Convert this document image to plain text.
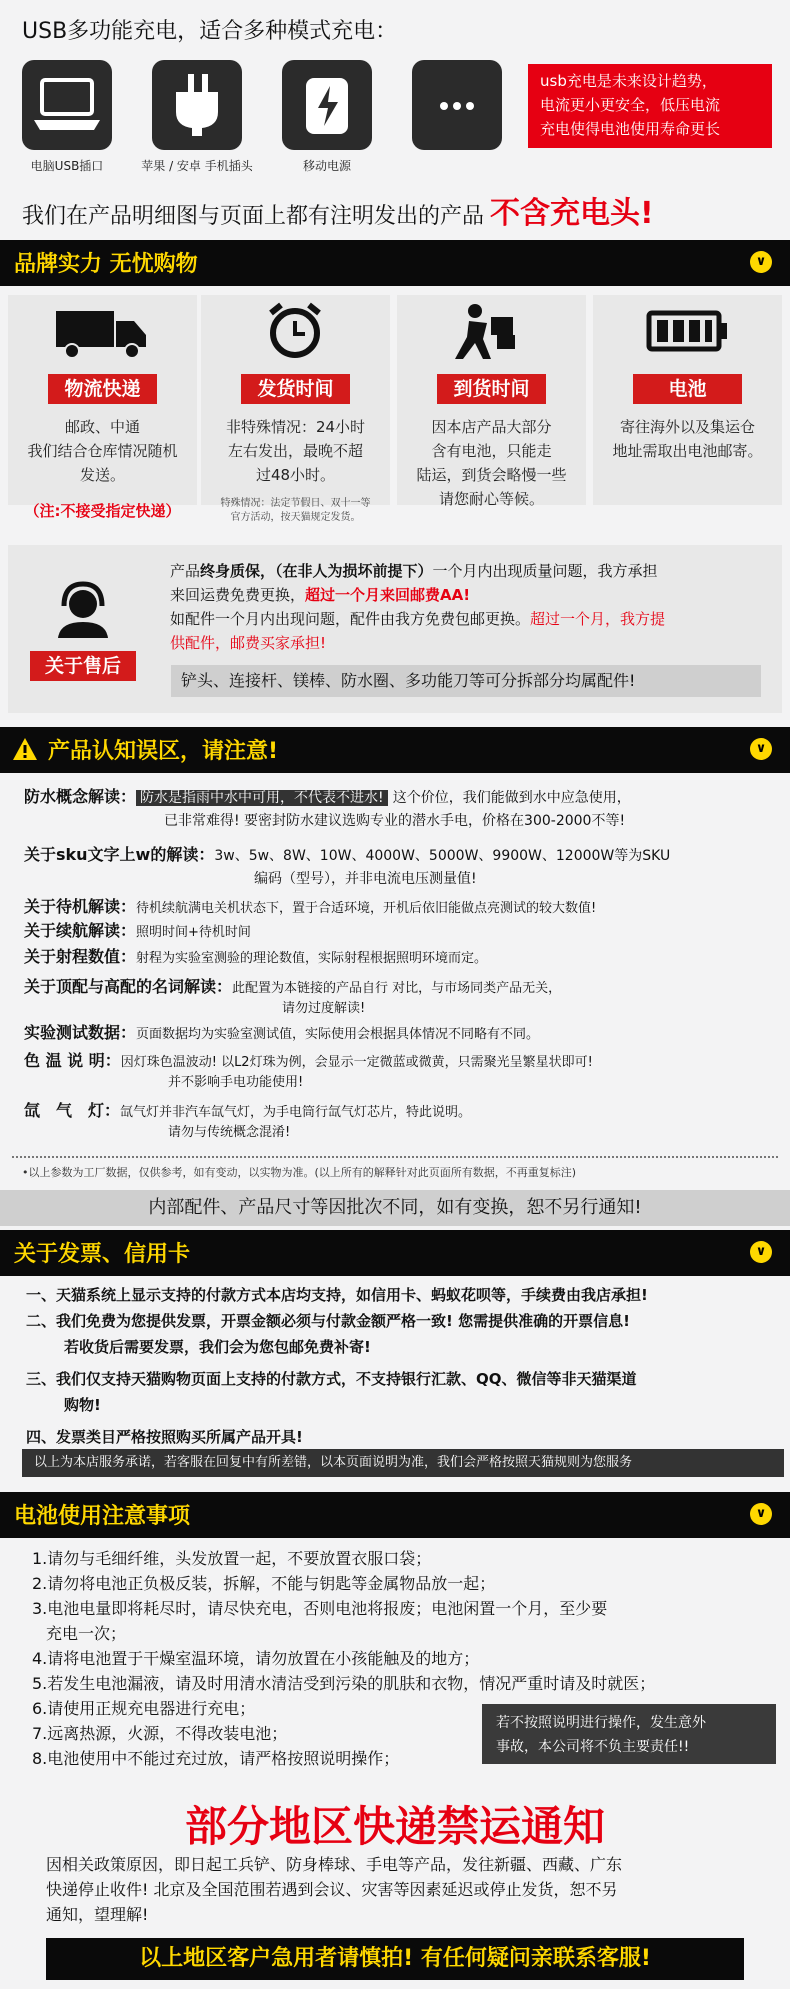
USB多功能充电，适合多种模式充电：
电脑USB插口	苹果 / 安卓 手机插头	移动电源
usb充电是未来设计趋势，
电流更小更安全，低压电流
充电使得电池使用寿命更长
我们在产品明细图与页面上都有注明发出的产品 不含充电头!
品牌实力 无忧购物	∨
物流快递
邮政、中通
我们结合仓库情况随机
发送。
（注:不接受指定快递）
发货时间
非特殊情况：24小时
左右发出，最晚不超
过48小时。
特殊情况：法定节假日、双十一等
官方活动，按天猫规定发货。
到货时间
因本店产品大部分
含有电池，只能走
陆运，到货会略慢一些
请您耐心等候。
电池
寄往海外以及集运仓
地址需取出电池邮寄。
关于售后
产品终身质保，（在非人为损坏前提下）一个月内出现质量问题，我方承担
来回运费免费更换，超过一个月来回邮费AA!
如配件一个月内出现问题，配件由我方免费包邮更换。超过一个月，我方提
供配件，邮费买家承担!
铲头、连接杆、镁棒、防水圈、多功能刀等可分拆部分均属配件!
产品认知误区，请注意!	∨
防水概念解读： 防水是指雨中水中可用，不代表不进水! 这个价位，我们能做到水中应急使用，
已非常难得! 要密封防水建议选购专业的潜水手电，价格在300-2000不等!
关于sku文字上w的解读：3w、5w、8W、10W、4000W、5000W、9900W、12000W等为SKU
编码（型号），并非电流电压测量值!
关于待机解读：待机续航满电关机状态下，置于合适环境，开机后依旧能做点亮测试的较大数值!
关于续航解读：照明时间+待机时间
关于射程数值：射程为实验室测验的理论数值，实际射程根据照明环境而定。
关于顶配与高配的名词解读：此配置为本链接的产品自行 对比，与市场同类产品无关，
请勿过度解读!
实验测试数据：页面数据均为实验室测试值，实际使用会根据具体情况不同略有不同。
色 温 说 明：因灯珠色温波动! 以L2灯珠为例，会显示一定微蓝或微黄，只需聚光呈繁星状即可!
并不影响手电功能使用!
氙　气　灯：氙气灯并非汽车氙气灯，为手电筒行氙气灯芯片，特此说明。
请勿与传统概念混淆!
•以上参数为工厂数据，仅供参考，如有变动，以实物为准。(以上所有的解释针对此页面所有数据，不再重复标注)
内部配件、产品尺寸等因批次不同，如有变换，恕不另行通知!
关于发票、信用卡	∨
一、天猫系统上显示支持的付款方式本店均支持，如信用卡、蚂蚁花呗等，手续费由我店承担!
二、我们免费为您提供发票，开票金额必须与付款金额严格一致! 您需提供准确的开票信息!
若收货后需要发票，我们会为您包邮免费补寄!
三、我们仅支持天猫购物页面上支持的付款方式，不支持银行汇款、QQ、微信等非天猫渠道
购物!
四、发票类目严格按照购买所属产品开具!
以上为本店服务承诺，若客服在回复中有所差错，以本页面说明为准，我们会严格按照天猫规则为您服务
电池使用注意事项	∨
1.请勿与毛细纤维，头发放置一起，不要放置衣服口袋；
2.请勿将电池正负极反装，拆解，不能与钥匙等金属物品放一起；
3.电池电量即将耗尽时，请尽快充电，否则电池将报废；电池闲置一个月，至少要
充电一次；
4.请将电池置于干燥室温环境，请勿放置在小孩能触及的地方；
5.若发生电池漏液，请及时用清水清洁受到污染的肌肤和衣物，情况严重时请及时就医；
6.请使用正规充电器进行充电；
7.远离热源，火源，不得改装电池；
8.电池使用中不能过充过放，请严格按照说明操作；
若不按照说明进行操作，发生意外
事故，本公司将不负主要责任!!
部分地区快递禁运通知
因相关政策原因，即日起工兵铲、防身棒球、手电等产品，发往新疆、西藏、广东
快递停止收件! 北京及全国范围若遇到会议、灾害等因素延迟或停止发货，恕不另
通知，望理解!
以上地区客户急用者请慎拍! 有任何疑问亲联系客服!
